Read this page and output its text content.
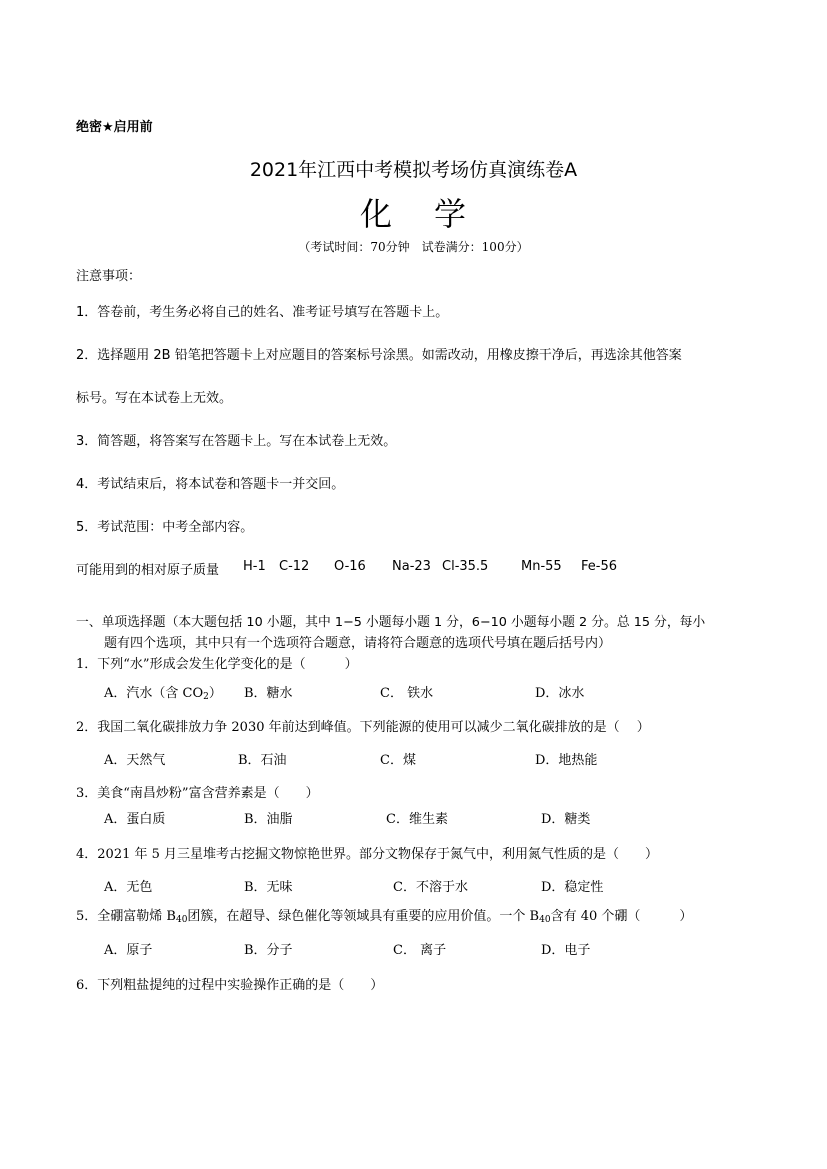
绝密★启用前
2021年江西中考模拟考场仿真演练卷A
化 学
（考试时间：70分钟　试卷满分：100分）
注意事项：
1．答卷前，考生务必将自己的姓名、准考证号填写在答题卡上。
2．选择题用 2B 铅笔把答题卡上对应题目的答案标号涂黑。如需改动，用橡皮擦干净后，再选涂其他答案
标号。写在本试卷上无效。
3．简答题，将答案写在答题卡上。写在本试卷上无效。
4．考试结束后，将本试卷和答题卡一并交回。
5．考试范围：中考全部内容。
可能用到的相对原子质量 H-1 C-12 O-16 Na-23 Cl-35.5	Mn-55 Fe-56
一、单项选择题（本大题包括 10 小题，其中 1−5 小题每小题 1 分，6−10 小题每小题 2 分。总 15 分，每小
题有四个选项，其中只有一个选项符合题意，请将符合题意的选项代号填在题后括号内）
1．下列“水”形成会发生化学变化的是（　　　）
A．汽水（含 $CO_2$） B．糖水	C． 铁水	D．冰水
2．我国二氧化碳排放力争 2030 年前达到峰值。下列能源的使用可以减少二氧化碳排放的是（　 ）
A．天然气	B．石油	C．煤	D．地热能
3．美食“南昌炒粉”富含营养素是（　　）
A．蛋白质	B．油脂	C．维生素	D．糖类
4．2021 年 5 月三星堆考古挖掘文物惊艳世界。部分文物保存于氮气中，利用氮气性质的是（　　）
A．无色	B．无味	C．不溶于水	D．稳定性
5．全硼富勒烯 $B_{40}$团簇，在超导、绿色催化等领域具有重要的应用价值。一个 $B_{40}$含有 40 个硼（　　　）
A．原子	B．分子	C． 离子	D．电子
6．下列粗盐提纯的过程中实验操作正确的是（　　）
